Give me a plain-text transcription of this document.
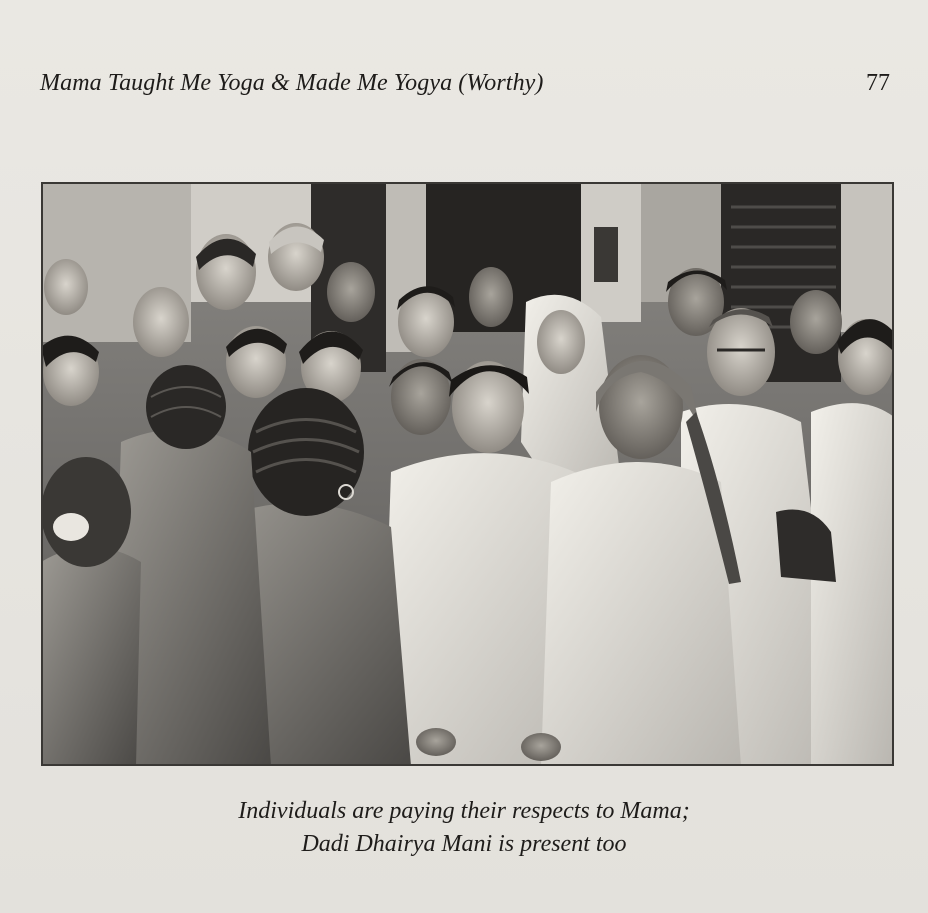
Mama Taught Me Yoga & Made Me Yogya (Worthy)	77
Individuals are paying their respects to Mama;
Dadi Dhairya Mani is present too
